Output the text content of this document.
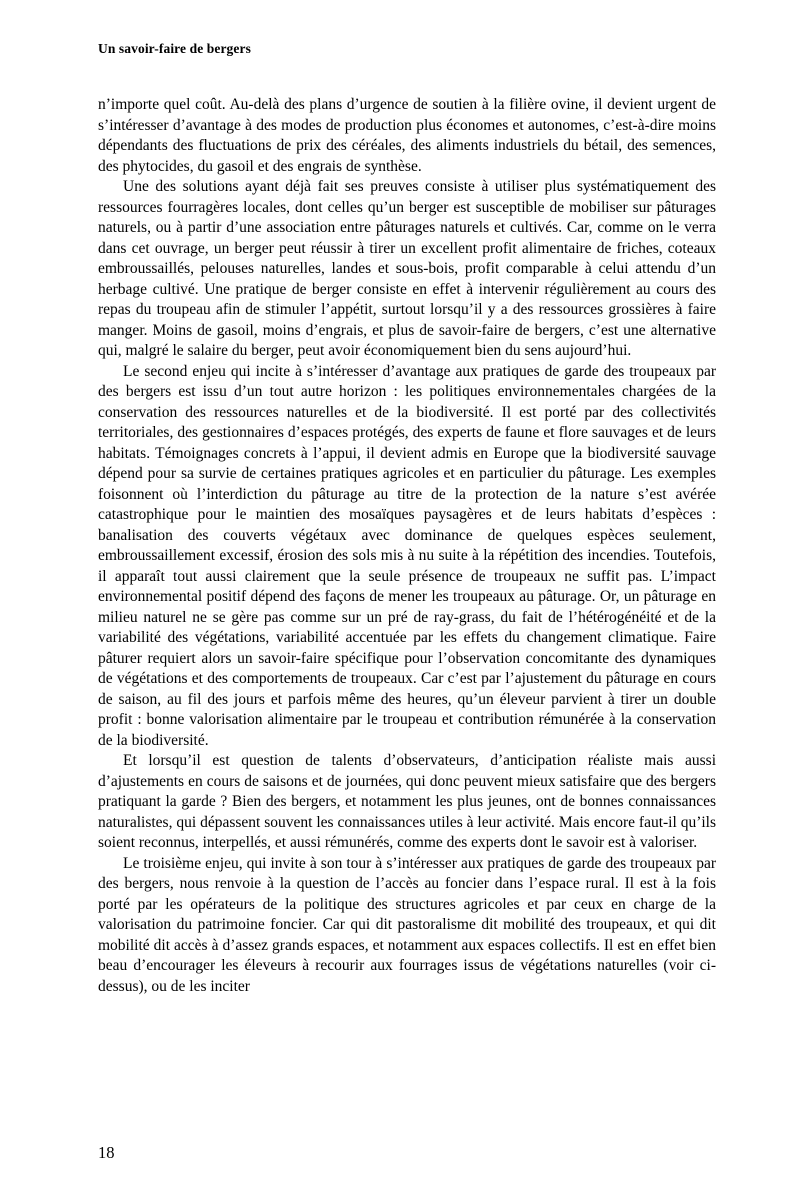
Un savoir-faire de bergers

n’importe quel coût. Au-delà des plans d’urgence de soutien à la filière ovine, il devient urgent de s’intéresser d’avantage à des modes de production plus économes et autonomes, c’est-à-dire moins dépendants des fluctuations de prix des céréales, des aliments industriels du bétail, des semences, des phytocides, du gasoil et des engrais de synthèse.

Une des solutions ayant déjà fait ses preuves consiste à utiliser plus systématiquement des ressources fourragères locales, dont celles qu’un berger est susceptible de mobiliser sur pâturages naturels, ou à partir d’une association entre pâturages naturels et cultivés. Car, comme on le verra dans cet ouvrage, un berger peut réussir à tirer un excellent profit alimentaire de friches, coteaux embroussaillés, pelouses naturelles, landes et sous-bois, profit comparable à celui attendu d’un herbage cultivé. Une pratique de berger consiste en effet à intervenir régulièrement au cours des repas du troupeau afin de stimuler l’appétit, surtout lorsqu’il y a des ressources grossières à faire manger. Moins de gasoil, moins d’engrais, et plus de savoir-faire de bergers, c’est une alternative qui, malgré le salaire du berger, peut avoir économiquement bien du sens aujourd’hui.

Le second enjeu qui incite à s’intéresser d’avantage aux pratiques de garde des troupeaux par des bergers est issu d’un tout autre horizon : les politiques environnementales chargées de la conservation des ressources naturelles et de la biodiversité. Il est porté par des collectivités territoriales, des gestionnaires d’espaces protégés, des experts de faune et flore sauvages et de leurs habitats. Témoignages concrets à l’appui, il devient admis en Europe que la biodiversité sauvage dépend pour sa survie de certaines pratiques agricoles et en particulier du pâturage. Les exemples foisonnent où l’interdiction du pâturage au titre de la protection de la nature s’est avérée catastrophique pour le maintien des mosaïques paysagères et de leurs habitats d’espèces : banalisation des couverts végétaux avec dominance de quelques espèces seulement, embroussaillement excessif, érosion des sols mis à nu suite à la répétition des incendies. Toutefois, il apparaît tout aussi clairement que la seule présence de troupeaux ne suffit pas. L’impact environnemental positif dépend des façons de mener les troupeaux au pâturage. Or, un pâturage en milieu naturel ne se gère pas comme sur un pré de ray-grass, du fait de l’hétérogénéité et de la variabilité des végétations, variabilité accentuée par les effets du changement climatique. Faire pâturer requiert alors un savoir-faire spécifique pour l’observation concomitante des dynamiques de végétations et des comportements de troupeaux. Car c’est par l’ajustement du pâturage en cours de saison, au fil des jours et parfois même des heures, qu’un éleveur parvient à tirer un double profit : bonne valorisation alimentaire par le troupeau et contribution rémunérée à la conservation de la biodiversité.

Et lorsqu’il est question de talents d’observateurs, d’anticipation réaliste mais aussi d’ajustements en cours de saisons et de journées, qui donc peuvent mieux satisfaire que des bergers pratiquant la garde ? Bien des bergers, et notamment les plus jeunes, ont de bonnes connaissances naturalistes, qui dépassent souvent les connaissances utiles à leur activité. Mais encore faut-il qu’ils soient reconnus, interpellés, et aussi rémunérés, comme des experts dont le savoir est à valoriser.

Le troisième enjeu, qui invite à son tour à s’intéresser aux pratiques de garde des troupeaux par des bergers, nous renvoie à la question de l’accès au foncier dans l’espace rural. Il est à la fois porté par les opérateurs de la politique des structures agricoles et par ceux en charge de la valorisation du patrimoine foncier. Car qui dit pastoralisme dit mobilité des troupeaux, et qui dit mobilité dit accès à d’assez grands espaces, et notamment aux espaces collectifs. Il est en effet bien beau d’encourager les éleveurs à recourir aux fourrages issus de végétations naturelles (voir ci-dessus), ou de les inciter

18
